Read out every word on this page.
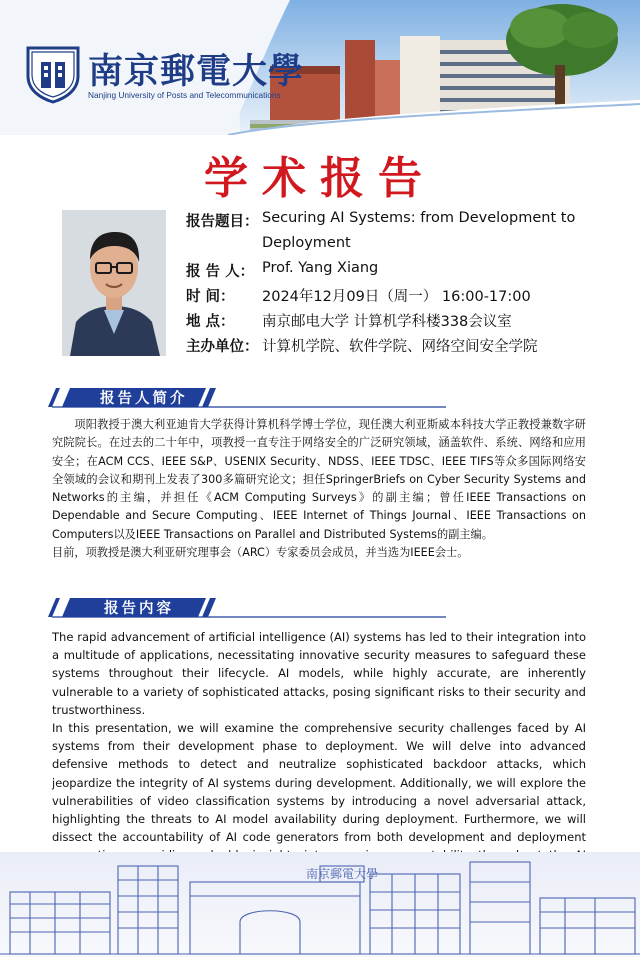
南京郵電大學
Nanjing University of Posts and Telecommunications
学术报告
报告题目： Securing AI Systems: from Development to
Deployment
报 告 人： Prof. Yang Xiang
时 间： 2024年12月09日（周一） 16:00-17:00
地 点： 南京邮电大学 计算机学科楼338会议室
主办单位： 计算机学院、软件学院、网络空间安全学院
报告人简介

项阳教授于澳大利亚迪肯大学获得计算机科学博士学位，现任澳大利亚斯威本科技大学正教授兼数字研究院院长。在过去的二十年中，项教授一直专注于网络安全的广泛研究领域，涵盖软件、系统、网络和应用安全；在ACM CCS、IEEE S&P、USENIX Security、NDSS、IEEE TDSC、IEEE TIFS等众多国际网络安全领域的会议和期刊上发表了300多篇研究论文；担任SpringerBriefs on Cyber Security Systems and Networks的主编，并担任《ACM Computing Surveys》的副主编；曾任IEEE Transactions on Dependable and Secure Computing、IEEE Internet of Things Journal、IEEE Transactions on Computers以及IEEE Transactions on Parallel and Distributed Systems的副主编。

目前，项教授是澳大利亚研究理事会（ARC）专家委员会成员，并当选为IEEE会士。

报告内容

The rapid advancement of artificial intelligence (AI) systems has led to their integration into a multitude of applications, necessitating innovative security measures to safeguard these systems throughout their lifecycle. AI models, while highly accurate, are inherently vulnerable to a variety of sophisticated attacks, posing significant risks to their security and trustworthiness.

In this presentation, we will examine the comprehensive security challenges faced by AI systems from their development phase to deployment. We will delve into advanced defensive methods to detect and neutralize sophisticated backdoor attacks, which jeopardize the integrity of AI systems during development. Additionally, we will explore the vulnerabilities of video classification systems by introducing a novel adversarial attack, highlighting the threats to AI model availability during deployment. Furthermore, we will dissect the accountability of AI code generators from both development and deployment

南京郵電大學
